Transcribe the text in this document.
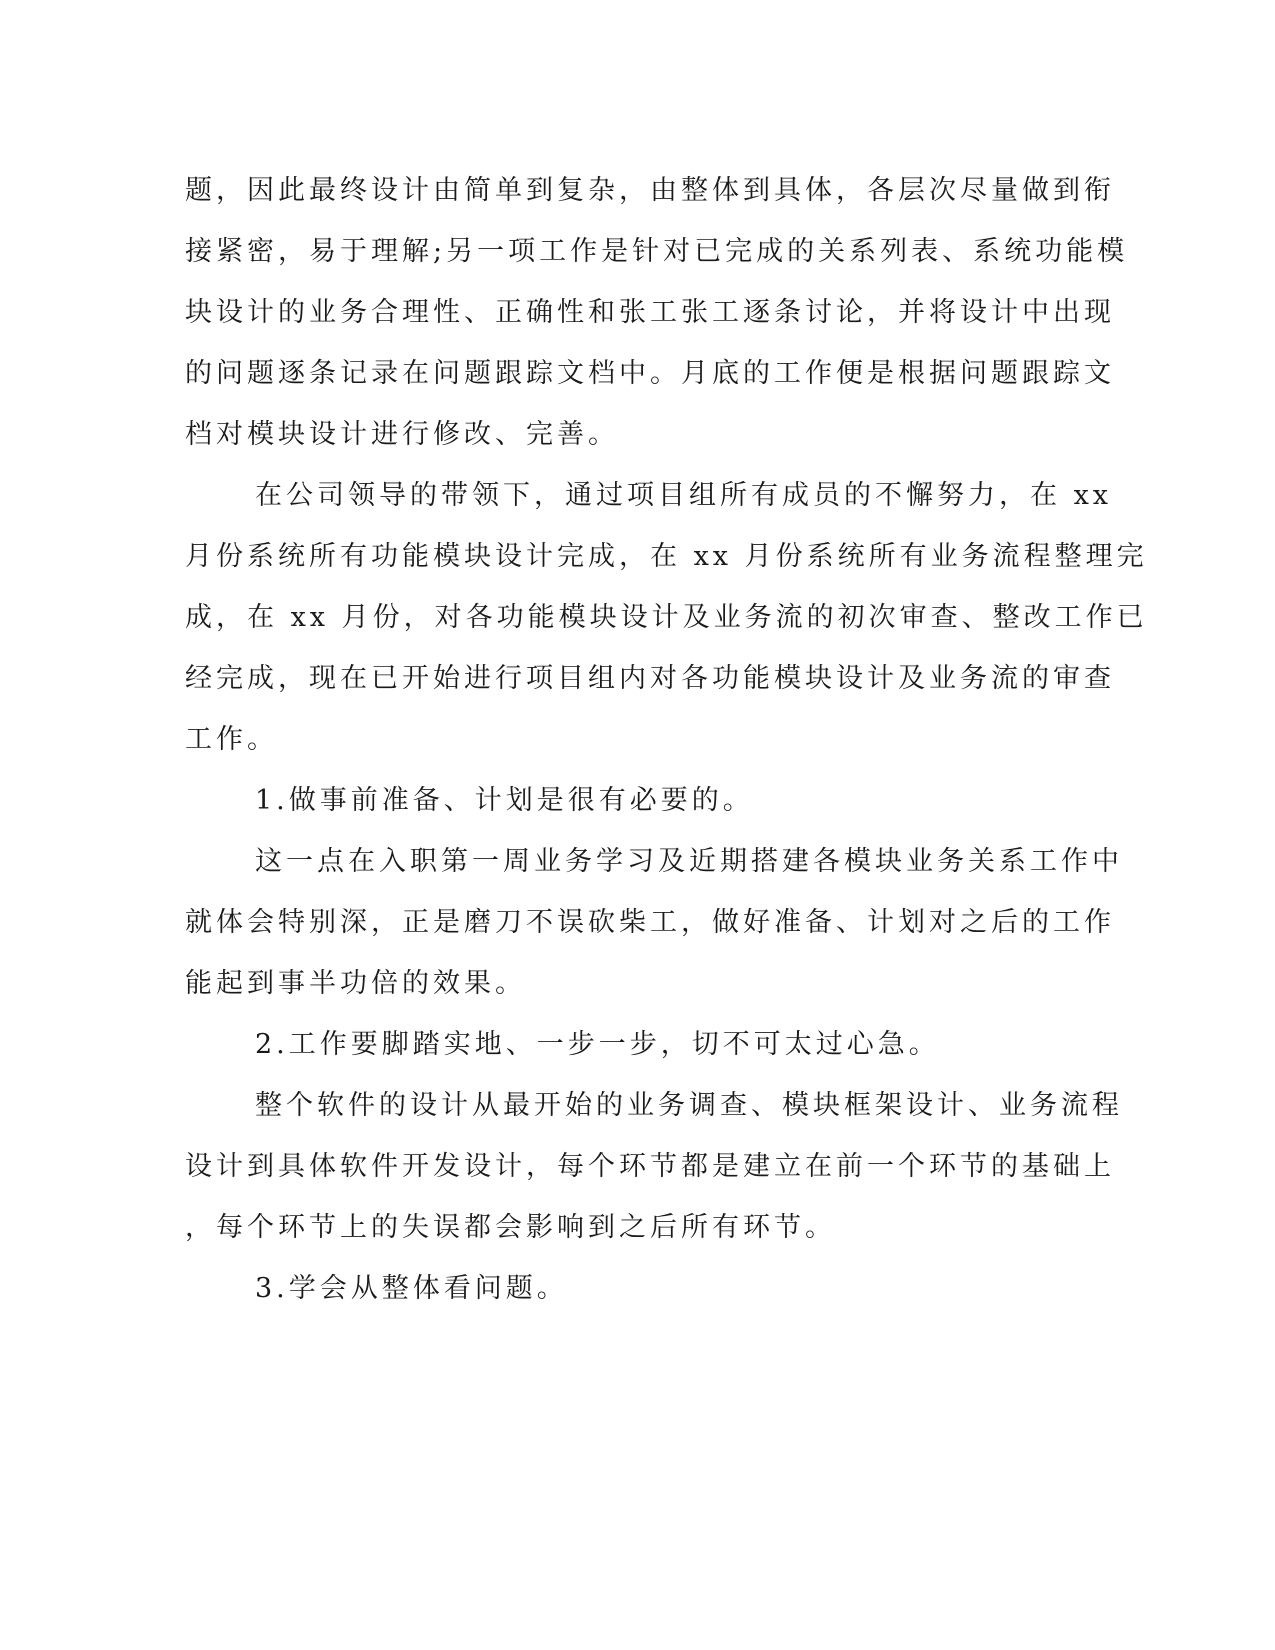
题，因此最终设计由简单到复杂，由整体到具体，各层次尽量做到衔
接紧密，易于理解;另一项工作是针对已完成的关系列表、系统功能模
块设计的业务合理性、正确性和张工张工逐条讨论，并将设计中出现
的问题逐条记录在问题跟踪文档中。月底的工作便是根据问题跟踪文
档对模块设计进行修改、完善。
在公司领导的带领下，通过项目组所有成员的不懈努力，在 xx
月份系统所有功能模块设计完成，在 xx 月份系统所有业务流程整理完
成，在 xx 月份，对各功能模块设计及业务流的初次审查、整改工作已
经完成，现在已开始进行项目组内对各功能模块设计及业务流的审查
工作。
1.做事前准备、计划是很有必要的。
这一点在入职第一周业务学习及近期搭建各模块业务关系工作中
就体会特别深，正是磨刀不误砍柴工，做好准备、计划对之后的工作
能起到事半功倍的效果。
2.工作要脚踏实地、一步一步，切不可太过心急。
整个软件的设计从最开始的业务调查、模块框架设计、业务流程
设计到具体软件开发设计，每个环节都是建立在前一个环节的基础上
，每个环节上的失误都会影响到之后所有环节。
3.学会从整体看问题。
